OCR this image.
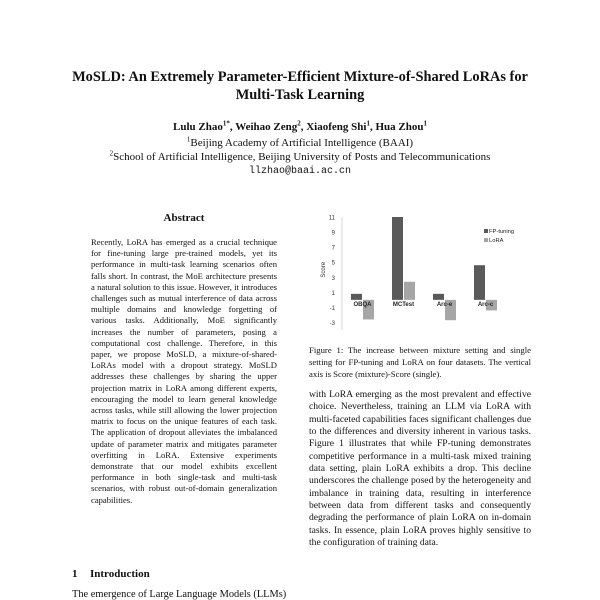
MoSLD: An Extremely Parameter-Efficient Mixture-of-Shared LoRAs for
Multi-Task Learning
Lulu Zhao$^{1*}$, Weihao Zeng$^2$, Xiaofeng Shi$^1$, Hua Zhou$^1$
$^1$Beijing Academy of Artificial Intelligence (BAAI)
$^2$School of Artificial Intelligence, Beijing University of Posts and Telecommunications
llzhao@baai.ac.cn
Abstract
Recently, LoRA has emerged as a crucial technique for fine-tuning large pre-trained models, yet its performance in multi-task learning scenarios often falls short. In contrast, the MoE architecture presents a natural solution to this issue. However, it introduces challenges such as mutual interference of data across multiple domains and knowledge forgetting of various tasks. Additionally, MoE significantly increases the number of parameters, posing a computational cost challenge. Therefore, in this paper, we propose MoSLD, a mixture-of-shared-LoRAs model with a dropout strategy. MoSLD addresses these challenges by sharing the upper projection matrix in LoRA among different experts, encouraging the model to learn general knowledge across tasks, while still allowing the lower projection matrix to focus on the unique features of each task. The application of dropout alleviates the imbalanced update of parameter matrix and mitigates parameter overfitting in LoRA. Extensive experiments demonstrate that our model exhibits excellent performance in both single-task and multi-task scenarios, with robust out-of-domain generalization capabilities.
1 Introduction
The emergence of Large Language Models (LLMs)
-3
-1
1
3
5
7
9
11
Score
OBQA	MCTest	Arc-e	Arc-c
FP-tuning
LoRA
Figure 1: The increase between mixture setting and single setting for FP-tuning and LoRA on four datasets. The vertical axis is Score (mixture)-Score (single).
with LoRA emerging as the most prevalent and effective choice. Nevertheless, training an LLM via LoRA with multi-faceted capabilities faces significant challenges due to the differences and diversity inherent in various tasks. Figure 1 illustrates that while FP-tuning demonstrates competitive performance in a multi-task mixed training data setting, plain LoRA exhibits a drop. This decline underscores the challenge posed by the heterogeneity and imbalance in training data, resulting in interference between data from different tasks and consequently degrading the performance of plain LoRA on in-domain tasks. In essence, plain LoRA proves highly sensitive to the configuration of training data.
